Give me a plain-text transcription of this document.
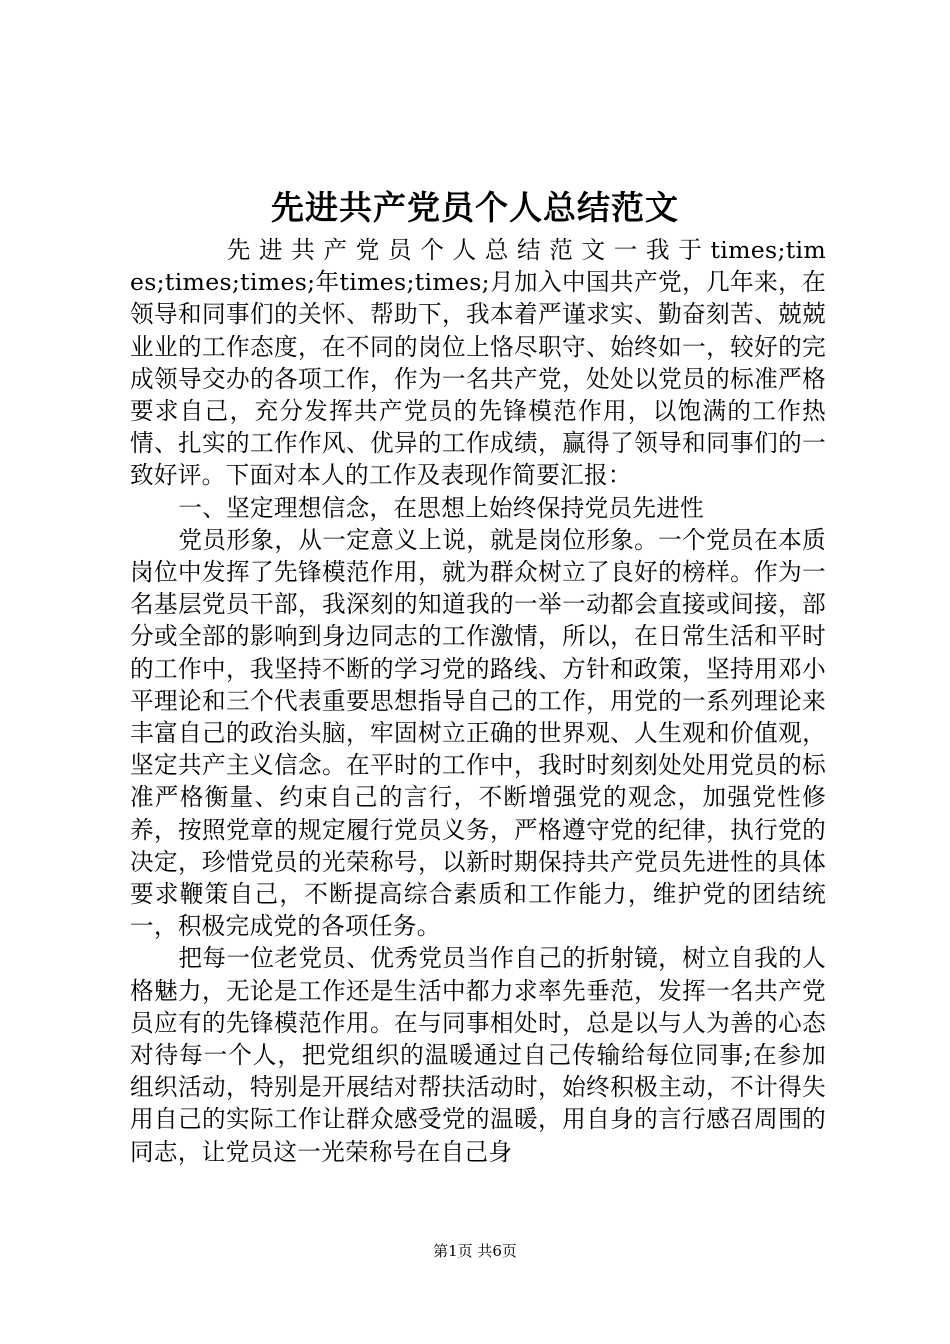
先进共产党员个人总结范文

先 进 共 产 党 员 个 人 总 结 范 文 一 我 于 times;times;times;times;年times;times;月加入中国共产党，几年来，在领导和同事们的关怀、帮助下，我本着严谨求实、勤奋刻苦、兢兢业业的工作态度，在不同的岗位上恪尽职守、始终如一，较好的完成领导交办的各项工作，作为一名共产党，处处以党员的标准严格要求自己，充分发挥共产党员的先锋模范作用，以饱满的工作热情、扎实的工作作风、优异的工作成绩，赢得了领导和同事们的一致好评。下面对本人的工作及表现作简要汇报：

一、坚定理想信念，在思想上始终保持党员先进性

党员形象，从一定意义上说，就是岗位形象。一个党员在本质岗位中发挥了先锋模范作用，就为群众树立了良好的榜样。作为一名基层党员干部，我深刻的知道我的一举一动都会直接或间接，部分或全部的影响到身边同志的工作激情，所以，在日常生活和平时的工作中，我坚持不断的学习党的路线、方针和政策，坚持用邓小平理论和三个代表重要思想指导自己的工作，用党的一系列理论来丰富自己的政治头脑，牢固树立正确的世界观、人生观和价值观，坚定共产主义信念。在平时的工作中，我时时刻刻处处用党员的标准严格衡量、约束自己的言行，不断增强党的观念，加强党性修养，按照党章的规定履行党员义务，严格遵守党的纪律，执行党的决定，珍惜党员的光荣称号，以新时期保持共产党员先进性的具体要求鞭策自己，不断提高综合素质和工作能力，维护党的团结统一，积极完成党的各项任务。

把每一位老党员、优秀党员当作自己的折射镜，树立自我的人格魅力，无论是工作还是生活中都力求率先垂范，发挥一名共产党员应有的先锋模范作用。在与同事相处时，总是以与人为善的心态对待每一个人，把党组织的温暖通过自己传输给每位同事;在参加组织活动，特别是开展结对帮扶活动时，始终积极主动，不计得失用自己的实际工作让群众感受党的温暖，用自身的言行感召周围的同志，让党员这一光荣称号在自己身

第1页 共6页
